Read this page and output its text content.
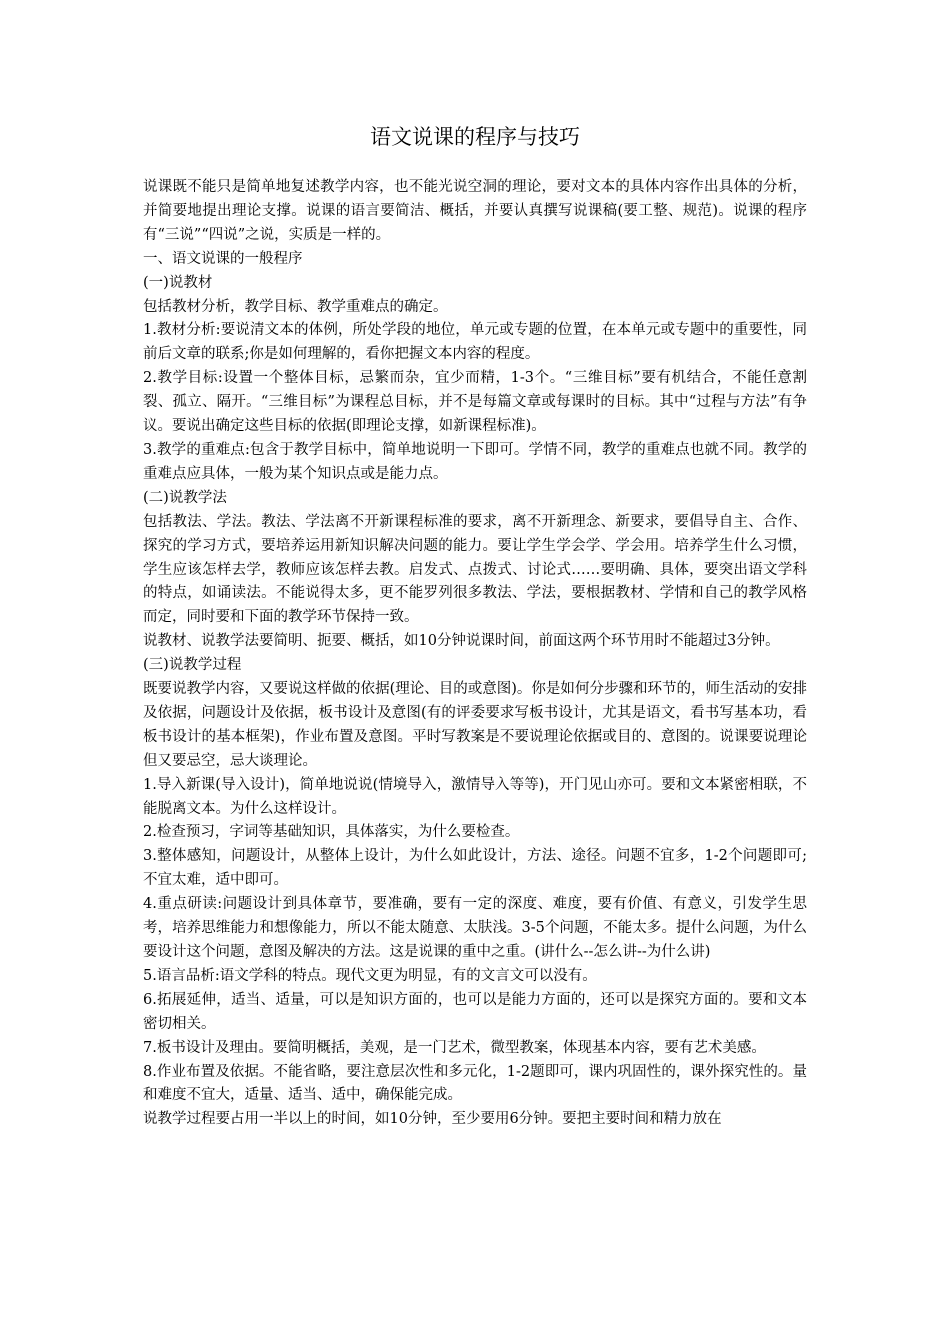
语文说课的程序与技巧

说课既不能只是简单地复述教学内容，也不能光说空洞的理论，要对文本的具体内容作出具体的分析，并简要地提出理论支撑。说课的语言要简洁、概括，并要认真撰写说课稿(要工整、规范)。说课的程序有“三说”“四说”之说，实质是一样的。

一、语文说课的一般程序

(一)说教材

包括教材分析，教学目标、教学重难点的确定。

1.教材分析:要说清文本的体例，所处学段的地位，单元或专题的位置，在本单元或专题中的重要性，同前后文章的联系;你是如何理解的，看你把握文本内容的程度。

2.教学目标:设置一个整体目标，忌繁而杂，宜少而精，1-3个。“三维目标”要有机结合，不能任意割裂、孤立、隔开。“三维目标”为课程总目标，并不是每篇文章或每课时的目标。其中“过程与方法”有争议。要说出确定这些目标的依据(即理论支撑，如新课程标准)。

3.教学的重难点:包含于教学目标中，简单地说明一下即可。学情不同，教学的重难点也就不同。教学的重难点应具体，一般为某个知识点或是能力点。

(二)说教学法

包括教法、学法。教法、学法离不开新课程标准的要求，离不开新理念、新要求，要倡导自主、合作、探究的学习方式，要培养运用新知识解决问题的能力。要让学生学会学、学会用。培养学生什么习惯，学生应该怎样去学，教师应该怎样去教。启发式、点拨式、讨论式……要明确、具体，要突出语文学科的特点，如诵读法。不能说得太多，更不能罗列很多教法、学法，要根据教材、学情和自己的教学风格而定，同时要和下面的教学环节保持一致。

说教材、说教学法要简明、扼要、概括，如10分钟说课时间，前面这两个环节用时不能超过3分钟。

(三)说教学过程

既要说教学内容，又要说这样做的依据(理论、目的或意图)。你是如何分步骤和环节的，师生活动的安排及依据，问题设计及依据，板书设计及意图(有的评委要求写板书设计，尤其是语文，看书写基本功，看板书设计的基本框架)，作业布置及意图。平时写教案是不要说理论依据或目的、意图的。说课要说理论但又要忌空，忌大谈理论。

1.导入新课(导入设计)，简单地说说(情境导入，激情导入等等)，开门见山亦可。要和文本紧密相联，不能脱离文本。为什么这样设计。

2.检查预习，字词等基础知识，具体落实，为什么要检查。

3.整体感知，问题设计，从整体上设计，为什么如此设计，方法、途径。问题不宜多，1-2个问题即可;不宜太难，适中即可。

4.重点研读:问题设计到具体章节，要准确，要有一定的深度、难度，要有价值、有意义，引发学生思考，培养思维能力和想像能力，所以不能太随意、太肤浅。3-5个问题，不能太多。提什么问题，为什么要设计这个问题，意图及解决的方法。这是说课的重中之重。(讲什么--怎么讲--为什么讲)

5.语言品析:语文学科的特点。现代文更为明显，有的文言文可以没有。

6.拓展延伸，适当、适量，可以是知识方面的，也可以是能力方面的，还可以是探究方面的。要和文本密切相关。

7.板书设计及理由。要简明概括，美观，是一门艺术，微型教案，体现基本内容，要有艺术美感。

8.作业布置及依据。不能省略，要注意层次性和多元化，1-2题即可，课内巩固性的，课外探究性的。量和难度不宜大，适量、适当、适中，确保能完成。

说教学过程要占用一半以上的时间，如10分钟，至少要用6分钟。要把主要时间和精力放在
